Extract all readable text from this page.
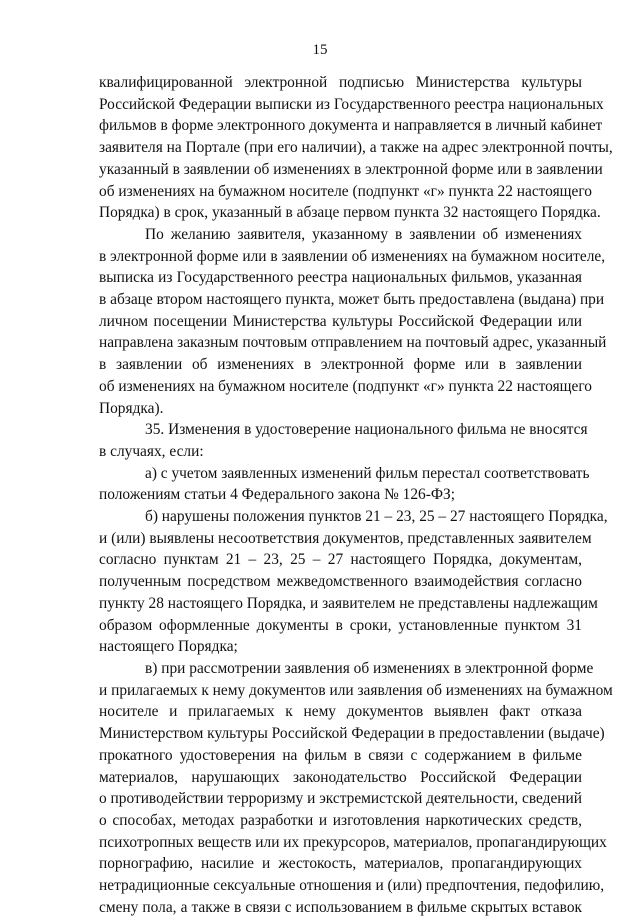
15
квалифицированной электронной подписью Министерства культуры
Российской Федерации выписки из Государственного реестра национальных
фильмов в форме электронного документа и направляется в личный кабинет
заявителя на Портале (при его наличии), а также на адрес электронной почты,
указанный в заявлении об изменениях в электронной форме или в заявлении
об изменениях на бумажном носителе (подпункт «г» пункта 22 настоящего
Порядка) в срок, указанный в абзаце первом пункта 32 настоящего Порядка.
По желанию заявителя, указанному в заявлении об изменениях
в электронной форме или в заявлении об изменениях на бумажном носителе,
выписка из Государственного реестра национальных фильмов, указанная
в абзаце втором настоящего пункта, может быть предоставлена (выдана) при
личном посещении Министерства культуры Российской Федерации или
направлена заказным почтовым отправлением на почтовый адрес, указанный
в заявлении об изменениях в электронной форме или в заявлении
об изменениях на бумажном носителе (подпункт «г» пункта 22 настоящего
Порядка).
35. Изменения в удостоверение национального фильма не вносятся
в случаях, если:
а) с учетом заявленных изменений фильм перестал соответствовать
положениям статьи 4 Федерального закона № 126-ФЗ;
б) нарушены положения пунктов 21 – 23, 25 – 27 настоящего Порядка,
и (или) выявлены несоответствия документов, представленных заявителем
согласно пунктам 21 – 23, 25 – 27 настоящего Порядка, документам,
полученным посредством межведомственного взаимодействия согласно
пункту 28 настоящего Порядка, и заявителем не представлены надлежащим
образом оформленные документы в сроки, установленные пунктом 31
настоящего Порядка;
в) при рассмотрении заявления об изменениях в электронной форме
и прилагаемых к нему документов или заявления об изменениях на бумажном
носителе и прилагаемых к нему документов выявлен факт отказа
Министерством культуры Российской Федерации в предоставлении (выдаче)
прокатного удостоверения на фильм в связи с содержанием в фильме
материалов, нарушающих законодательство Российской Федерации
о противодействии терроризму и экстремистской деятельности, сведений
о способах, методах разработки и изготовления наркотических средств,
психотропных веществ или их прекурсоров, материалов, пропагандирующих
порнографию, насилие и жестокость, материалов, пропагандирующих
нетрадиционные сексуальные отношения и (или) предпочтения, педофилию,
смену пола, а также в связи с использованием в фильме скрытых вставок
